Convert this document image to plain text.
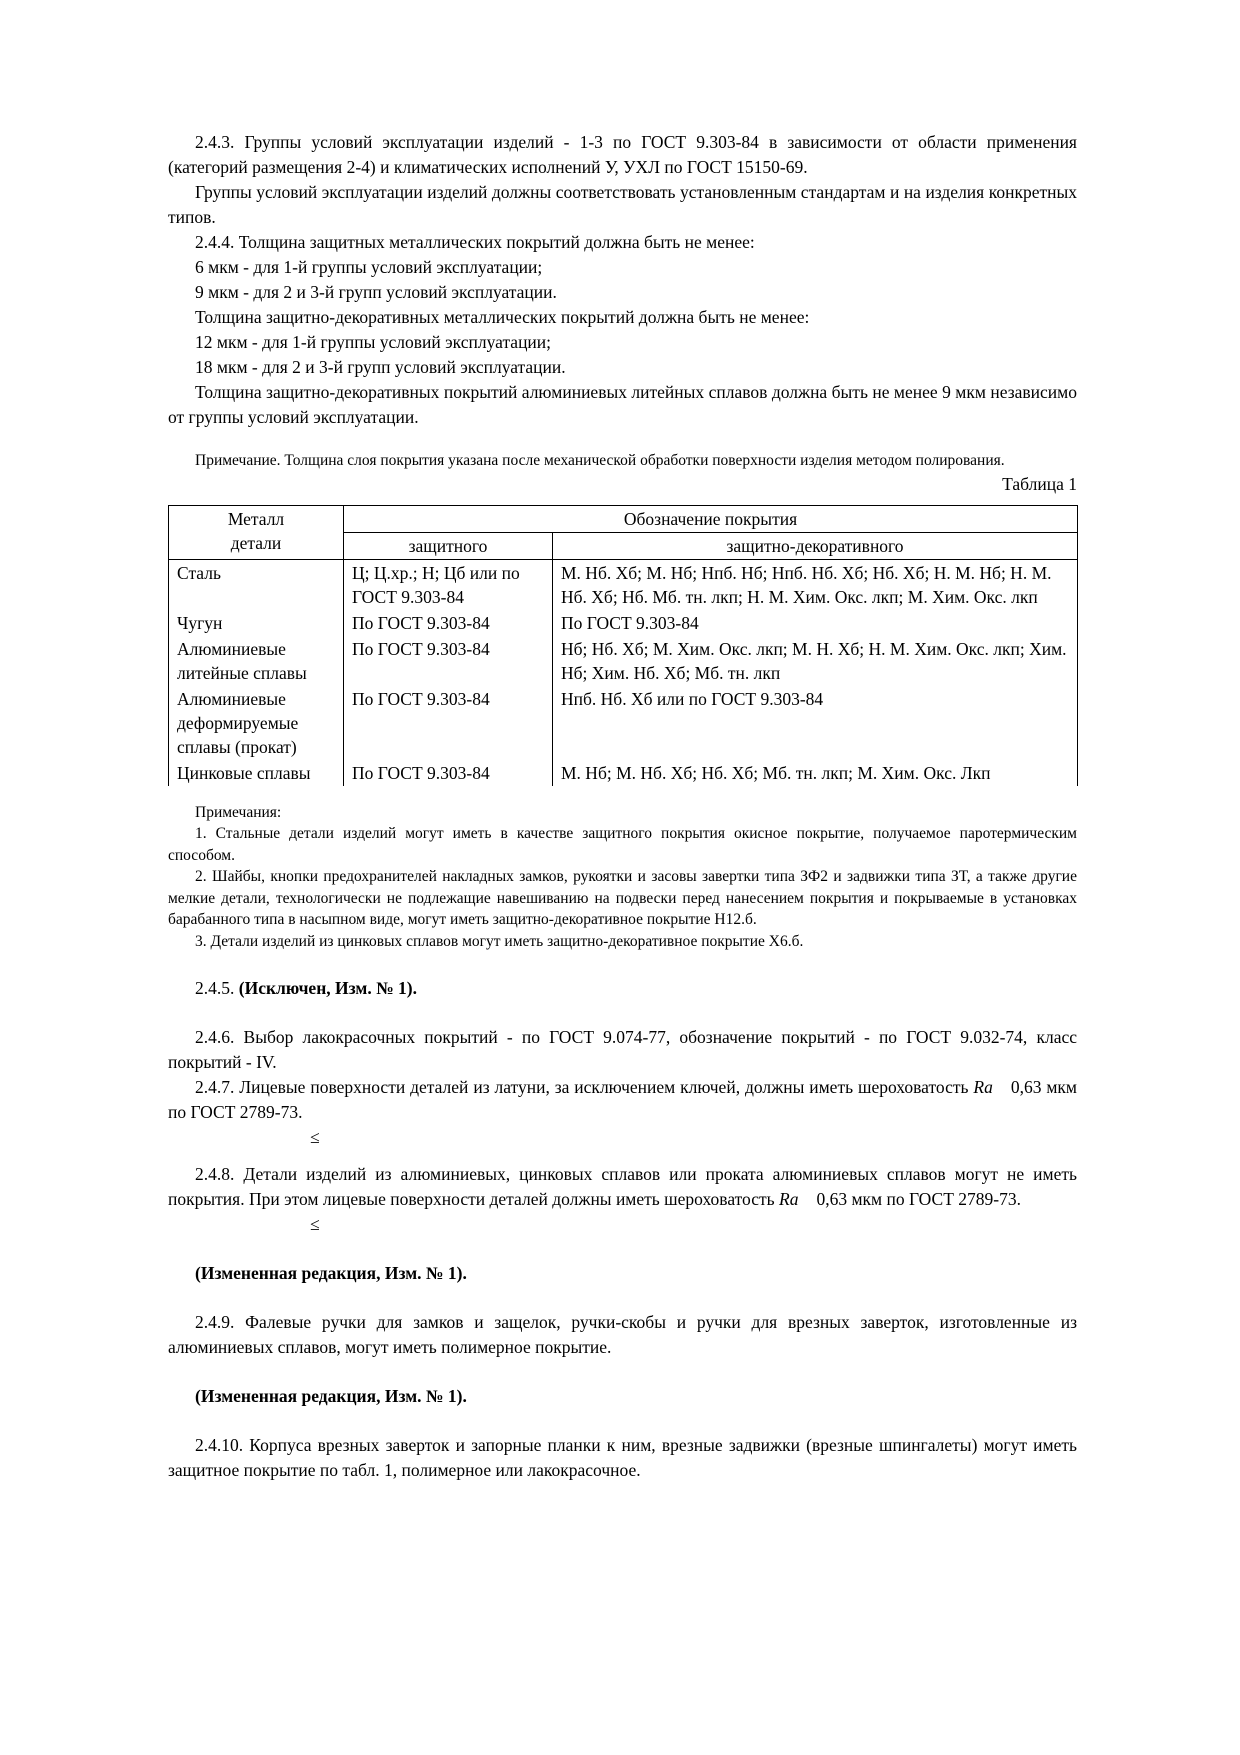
2.4.3. Группы условий эксплуатации изделий - 1-3 по ГОСТ 9.303-84 в зависимости от области применения (категорий размещения 2-4) и климатических исполнений У, УХЛ по ГОСТ 15150-69.

Группы условий эксплуатации изделий должны соответствовать установленным стандартам и на изделия конкретных типов.

2.4.4. Толщина защитных металлических покрытий должна быть не менее:

6 мкм - для 1-й группы условий эксплуатации;

9 мкм - для 2 и 3-й групп условий эксплуатации.

Толщина защитно-декоративных металлических покрытий должна быть не менее:

12 мкм - для 1-й группы условий эксплуатации;

18 мкм - для 2 и 3-й групп условий эксплуатации.

Толщина защитно-декоративных покрытий алюминиевых литейных сплавов должна быть не менее 9 мкм независимо от группы условий эксплуатации.

Примечание. Толщина слоя покрытия указана после механической обработки поверхности изделия методом полирования.

Таблица 1

Металл
детали	Обозначение покрытия	
	защитного	защитно-декоративного
Сталь	Ц; Ц.хр.; Н; Цб или по ГОСТ 9.303-84	М. Нб. Хб; М. Нб; Нпб. Нб; Нпб. Нб. Хб; Нб. Хб; Н. М. Нб; Н. М. Нб. Хб; Нб. Мб. тн. лкп; Н. М. Хим. Окс. лкп; М. Хим. Окс. лкп
Чугун	По ГОСТ 9.303-84	По ГОСТ 9.303-84
Алюминиевые литейные сплавы	По ГОСТ 9.303-84	Нб; Нб. Хб; М. Хим. Окс. лкп; М. Н. Хб; Н. М. Хим. Окс. лкп; Хим. Нб; Хим. Нб. Хб; Мб. тн. лкп
Алюминиевые деформируемые сплавы (прокат)	По ГОСТ 9.303-84	Нпб. Нб. Хб или по ГОСТ 9.303-84
Цинковые сплавы	По ГОСТ 9.303-84	М. Нб; М. Нб. Хб; Нб. Хб; Мб. тн. лкп; М. Хим. Окс. Лкп

Примечания:

1. Стальные детали изделий могут иметь в качестве защитного покрытия окисное покрытие, получаемое паротермическим способом.

2. Шайбы, кнопки предохранителей накладных замков, рукоятки и засовы завертки типа ЗФ2 и задвижки типа ЗТ, а также другие мелкие детали, технологически не подлежащие навешиванию на подвески перед нанесением покрытия и покрываемые в установках барабанного типа в насыпном виде, могут иметь защитно-декоративное покрытие Н12.б.

3. Детали изделий из цинковых сплавов могут иметь защитно-декоративное покрытие Х6.б.

2.4.5. (Исключен, Изм. № 1).

2.4.6. Выбор лакокрасочных покрытий - по ГОСТ 9.074-77, обозначение покрытий - по ГОСТ 9.032-74, класс покрытий - IV.

2.4.7. Лицевые поверхности деталей из латуни, за исключением ключей, должны иметь шероховатость Ra 0,63 мкм по ГОСТ 2789-73.

≤

2.4.8. Детали изделий из алюминиевых, цинковых сплавов или проката алюминиевых сплавов могут не иметь покрытия. При этом лицевые поверхности деталей должны иметь шероховатость Ra 0,63 мкм по ГОСТ 2789-73.

≤

(Измененная редакция, Изм. № 1).

2.4.9. Фалевые ручки для замков и защелок, ручки-скобы и ручки для врезных заверток, изготовленные из алюминиевых сплавов, могут иметь полимерное покрытие.

(Измененная редакция, Изм. № 1).

2.4.10. Корпуса врезных заверток и запорные планки к ним, врезные задвижки (врезные шпингалеты) могут иметь защитное покрытие по табл. 1, полимерное или лакокрасочное.
